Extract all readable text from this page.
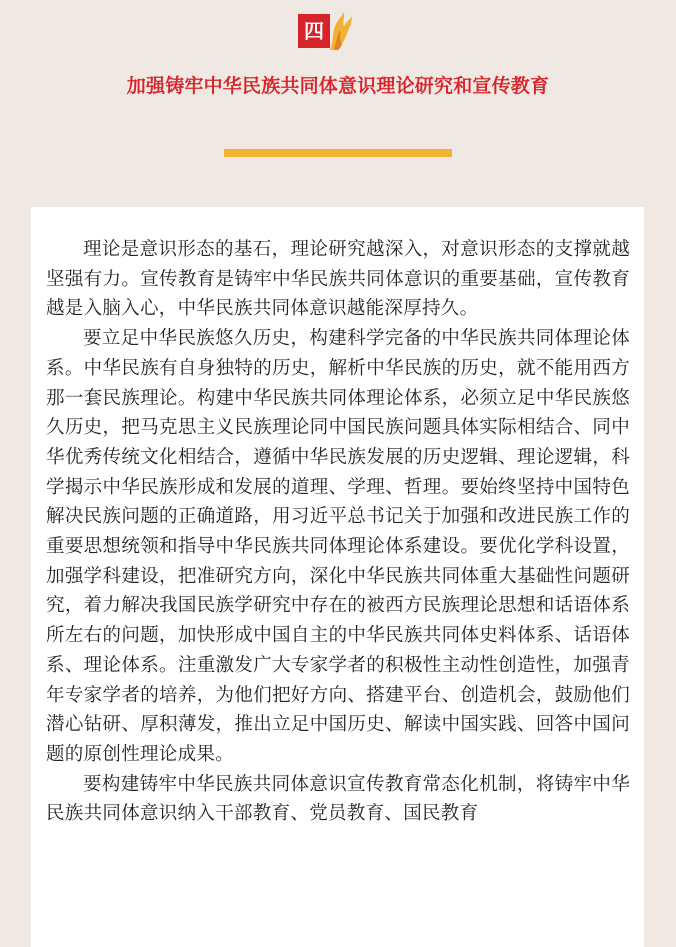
四
加强铸牢中华民族共同体意识理论研究和宣传教育

理论是意识形态的基石，理论研究越深入，对意识形态的支撑就越坚强有力。宣传教育是铸牢中华民族共同体意识的重要基础，宣传教育越是入脑入心，中华民族共同体意识越能深厚持久。

要立足中华民族悠久历史，构建科学完备的中华民族共同体理论体系。中华民族有自身独特的历史，解析中华民族的历史，就不能用西方那一套民族理论。构建中华民族共同体理论体系，必须立足中华民族悠久历史，把马克思主义民族理论同中国民族问题具体实际相结合、同中华优秀传统文化相结合，遵循中华民族发展的历史逻辑、理论逻辑，科学揭示中华民族形成和发展的道理、学理、哲理。要始终坚持中国特色解决民族问题的正确道路，用习近平总书记关于加强和改进民族工作的重要思想统领和指导中华民族共同体理论体系建设。要优化学科设置，加强学科建设，把准研究方向，深化中华民族共同体重大基础性问题研究，着力解决我国民族学研究中存在的被西方民族理论思想和话语体系所左右的问题，加快形成中国自主的中华民族共同体史料体系、话语体系、理论体系。注重激发广大专家学者的积极性主动性创造性，加强青年专家学者的培养，为他们把好方向、搭建平台、创造机会，鼓励他们潜心钻研、厚积薄发，推出立足中国历史、解读中国实践、回答中国问题的原创性理论成果。

要构建铸牢中华民族共同体意识宣传教育常态化机制，将铸牢中华民族共同体意识纳入干部教育、党员教育、国民教育
